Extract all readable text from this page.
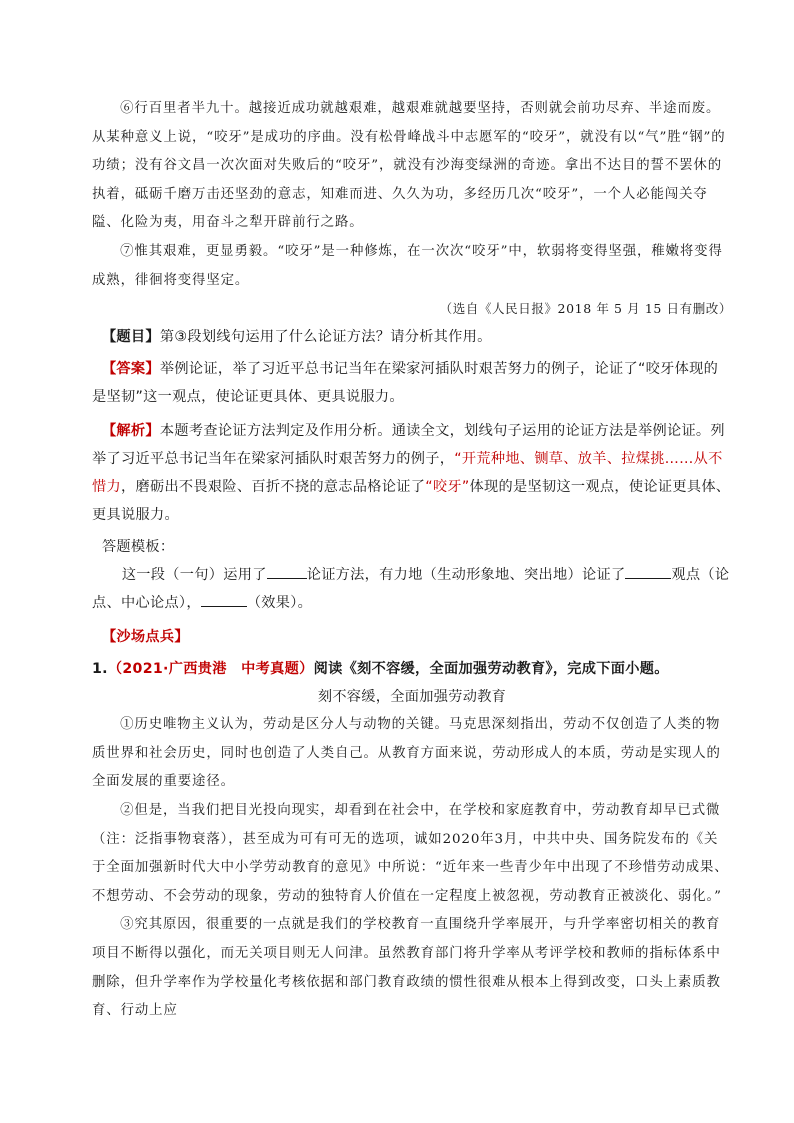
⑥行百里者半九十。越接近成功就越艰难，越艰难就越要坚持，否则就会前功尽弃、半途而废。从某种意义上说，“咬牙”是成功的序曲。没有松骨峰战斗中志愿军的“咬牙”，就没有以“气”胜“钢”的功绩；没有谷文昌一次次面对失败后的“咬牙”，就没有沙海变绿洲的奇迹。拿出不达目的誓不罢休的执着，砥砺千磨万击还坚劲的意志，知难而进、久久为功，多经历几次“咬牙”，一个人必能闯关夺隘、化险为夷，用奋斗之犁开辟前行之路。

⑦惟其艰难，更显勇毅。“咬牙”是一种修炼，在一次次“咬牙”中，软弱将变得坚强，稚嫩将变得成熟，徘徊将变得坚定。

（选自《人民日报》2018 年 5 月 15 日有删改）

【题目】第③段划线句运用了什么论证方法？请分析其作用。

【答案】举例论证，举了习近平总书记当年在梁家河插队时艰苦努力的例子，论证了“咬牙体现的是坚韧”这一观点，使论证更具体、更具说服力。

【解析】本题考查论证方法判定及作用分析。通读全文，划线句子运用的论证方法是举例论证。列举了习近平总书记当年在梁家河插队时艰苦努力的例子，“开荒种地、铡草、放羊、拉煤挑……从不惜力，磨砺出不畏艰险、百折不挠的意志品格论证了“咬牙”体现的是坚韧这一观点，使论证更具体、更具说服力。

答题模板：

这一段（一句）运用了	论证方法，有力地（生动形象地、突出地）论证了	观点（论点、中心论点），	（效果）。

【沙场点兵】

1.（2021·广西贵港　中考真题）阅读《刻不容缓，全面加强劳动教育》，完成下面小题。

刻不容缓，全面加强劳动教育

①历史唯物主义认为，劳动是区分人与动物的关键。马克思深刻指出，劳动不仅创造了人类的物质世界和社会历史，同时也创造了人类自己。从教育方面来说，劳动形成人的本质，劳动是实现人的全面发展的重要途径。

②但是，当我们把目光投向现实，却看到在社会中，在学校和家庭教育中，劳动教育却早已式微（注：泛指事物衰落），甚至成为可有可无的选项，诚如2020年3月，中共中央、国务院发布的《关于全面加强新时代大中小学劳动教育的意见》中所说：“近年来一些青少年中出现了不珍惜劳动成果、不想劳动、不会劳动的现象，劳动的独特育人价值在一定程度上被忽视，劳动教育正被淡化、弱化。”

③究其原因，很重要的一点就是我们的学校教育一直围绕升学率展开，与升学率密切相关的教育项目不断得以强化，而无关项目则无人问津。虽然教育部门将升学率从考评学校和教师的指标体系中删除，但升学率作为学校量化考核依据和部门教育政绩的惯性很难从根本上得到改变，口头上素质教育、行动上应
